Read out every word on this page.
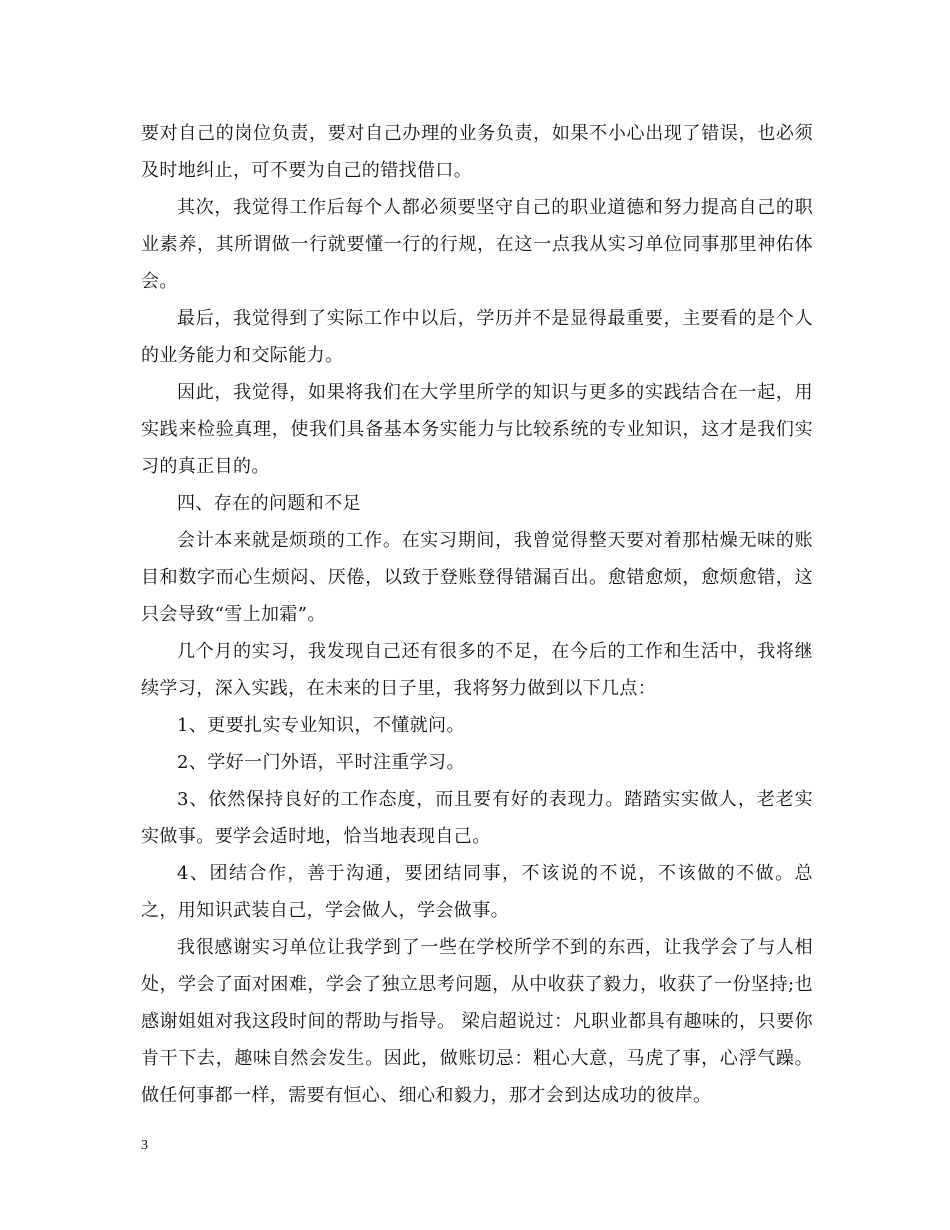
要对自己的岗位负责，要对自己办理的业务负责，如果不小心出现了错误，也必须及时地纠止，可不要为自己的错找借口。

其次，我觉得工作后每个人都必须要坚守自己的职业道德和努力提高自己的职业素养，其所谓做一行就要懂一行的行规，在这一点我从实习单位同事那里神佑体会。

最后，我觉得到了实际工作中以后，学历并不是显得最重要，主要看的是个人的业务能力和交际能力。

因此，我觉得，如果将我们在大学里所学的知识与更多的实践结合在一起，用实践来检验真理，使我们具备基本务实能力与比较系统的专业知识，这才是我们实习的真正目的。

四、存在的问题和不足

会计本来就是烦琐的工作。在实习期间，我曾觉得整天要对着那枯燥无味的账目和数字而心生烦闷、厌倦，以致于登账登得错漏百出。愈错愈烦，愈烦愈错，这只会导致“雪上加霜”。

几个月的实习，我发现自己还有很多的不足，在今后的工作和生活中，我将继续学习，深入实践，在未来的日子里，我将努力做到以下几点：

1、更要扎实专业知识，不懂就问。

2、学好一门外语，平时注重学习。

3、依然保持良好的工作态度，而且要有好的表现力。踏踏实实做人，老老实实做事。要学会适时地，恰当地表现自己。

4、团结合作，善于沟通，要团结同事，不该说的不说，不该做的不做。总之，用知识武装自己，学会做人，学会做事。

我很感谢实习单位让我学到了一些在学校所学不到的东西，让我学会了与人相处，学会了面对困难，学会了独立思考问题，从中收获了毅力，收获了一份坚持;也感谢姐姐对我这段时间的帮助与指导。 梁启超说过：凡职业都具有趣味的，只要你肯干下去，趣味自然会发生。因此，做账切忌：粗心大意，马虎了事，心浮气躁。做任何事都一样，需要有恒心、细心和毅力，那才会到达成功的彼岸。

3
